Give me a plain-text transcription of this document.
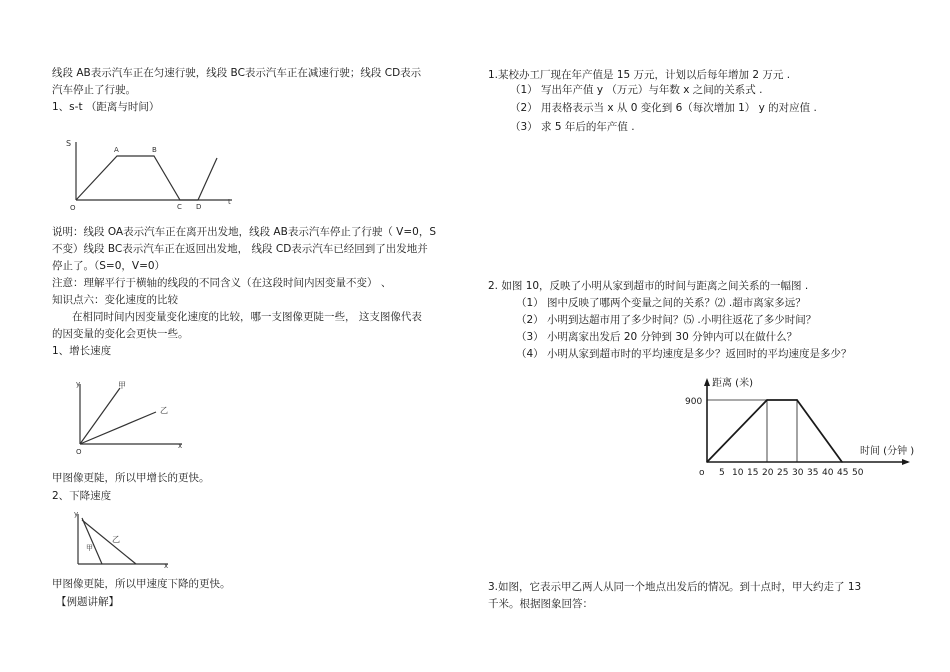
线段 AB表示汽车正在匀速行驶，线段 BC表示汽车正在减速行驶；线段 CD表示
汽车停止了行驶。
1、s-t （距离与时间）
S
O
A	B
C D
t
说明：线段 OA表示汽车正在离开出发地，线段 AB表示汽车停止了行驶（ V=0，S
不变）线段 BC表示汽车正在返回出发地， 线段 CD表示汽车已经回到了出发地并
停止了。（S=0，V=0）
注意：理解平行于横轴的线段的不同含义（在这段时间内因变量不变） 、
知识点六：变化速度的比较
在相同时间内因变量变化速度的比较，哪一支图像更陡一些， 这支图像代表
的因变量的变化会更快一些。
1、增长速度
y	甲
乙
O
x
甲图像更陡，所以甲增长的更快。
2、下降速度
y
甲
乙
x
甲图像更陡，所以甲速度下降的更快。
【例题讲解】
1.某校办工厂现在年产值是 15 万元，计划以后每年增加 2 万元 .
（1） 写出年产值 y （万元）与年数 x 之间的关系式 .
（2） 用表格表示当 x 从 0 变化到 6（每次增加 1） y 的对应值 .
（3） 求 5 年后的年产值 .
2. 如图 10，反映了小明从家到超市的时间与距离之间关系的一幅图 .
（1） 图中反映了哪两个变量之间的关系？⑵ .超市离家多远？
（2） 小明到达超市用了多少时间？⑸ .小明往返花了多少时间？
（3） 小明离家出发后 20 分钟到 30 分钟内可以在做什么？
（4） 小明从家到超市时的平均速度是多少？返回时的平均速度是多少？
900
o 5 10 15 20 25 30 35 40 45 50
距离 (米)
时间 (分钟 )
3.如图，它表示甲乙两人从同一个地点出发后的情况。到十点时，甲大约走了 13
千米。根据图象回答：
